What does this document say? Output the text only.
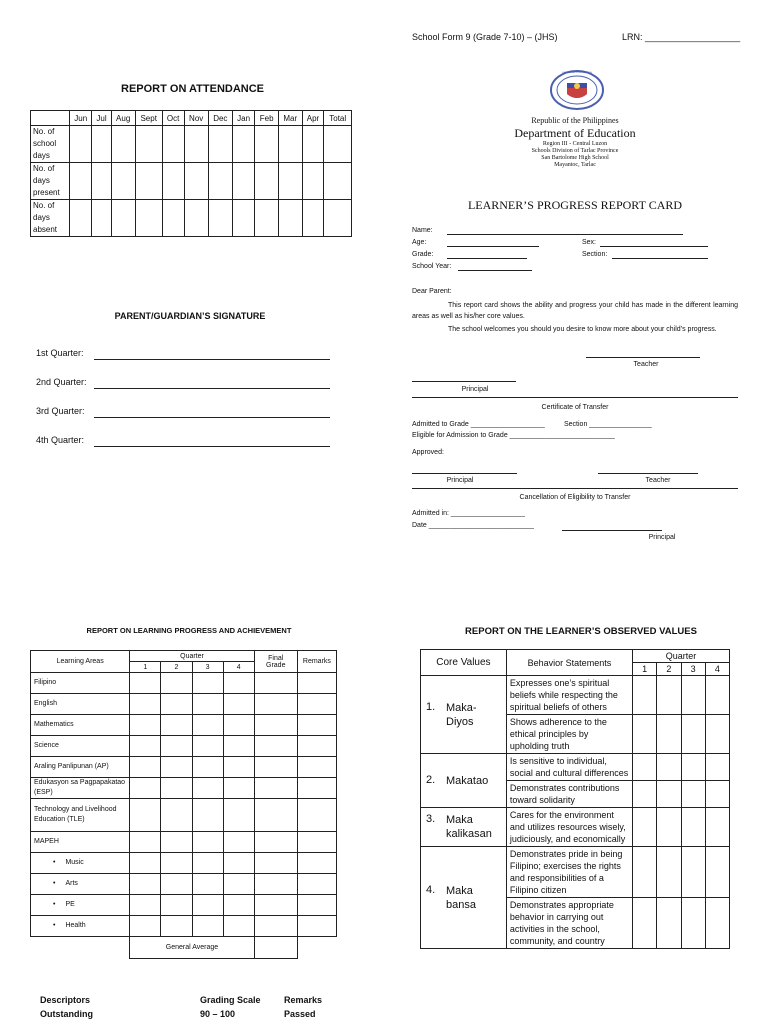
School Form 9 (Grade 7-10) – (JHS)	LRN: ___________________
REPORT ON ATTENDANCE
	Jun	Jul	Aug	Sept	Oct	Nov	Dec	Jan	Feb	Mar	Apr	Total

No. of
school
days												

No. of
days
present												

No. of
days
absent												

PARENT/GUARDIAN’S SIGNATURE
1st Quarter:
2nd Quarter:
3rd Quarter:
4th Quarter:
KAGAWARAN NG EDUKASYON
Republic of the Philippines
Department of Education
Region III - Central Luzon
Schools Division of Tarlac Province
San Bartolome High School
Mayantoc, Tarlac
LEARNER’S PROGRESS REPORT CARD
Name:
Age:	Sex:
Grade:	Section:
School Year:
Dear Parent:
This report card shows the ability and progress your child has made in the different learning areas as well as his/her core values.
The school welcomes you should you desire to know more about your child’s progress.
Teacher
Principal
Certificate of Transfer
Admitted to Grade ___________________	Section ________________
Eligible for Admission to Grade ___________________________
Approved:
Principal	Teacher
Cancellation of Eligibility to Transfer
Admitted in: ___________________
Date ___________________________
Principal
REPORT ON LEARNING PROGRESS AND ACHIEVEMENT
Learning Areas	Quarter				Final Grade	Remarks
	1	2	3	4		
Filipino						
English						
Mathematics						
Science						
Araling Panlipunan (AP)						
Edukasyon sa Pagpapakatao (ESP)						
Technology and Livelihood Education (TLE)						
MAPEH						
• Music						
• Arts						
• PE						
• Health						
	General Average					
Descriptors	Grading Scale	Remarks
Outstanding	90 – 100	Passed
REPORT ON THE LEARNER’S OBSERVED VALUES
Core Values	Behavior Statements	Quarter			
		1	2	3	4

1. Maka-Diyos	Expresses one’s spiritual beliefs while respecting the spiritual beliefs of others				
	Shows adherence to the ethical principles by upholding truth				

2. Makatao	Is sensitive to individual, social and cultural differences				
	Demonstrates contributions toward solidarity				

3. Maka kalikasan	Cares for the environment and utilizes resources wisely, judiciously, and economically				

4. Maka bansa	Demonstrates pride in being Filipino; exercises the rights and responsibilities of a Filipino citizen				
	Demonstrates appropriate behavior in carrying out activities in the school, community, and country				
